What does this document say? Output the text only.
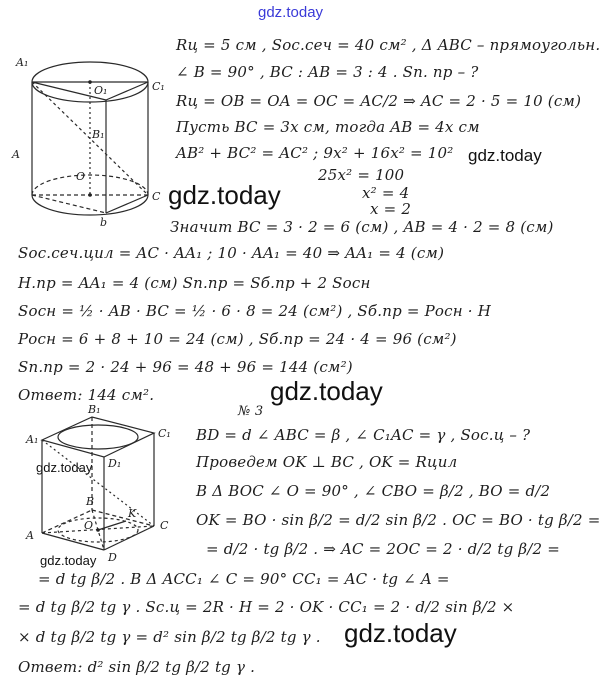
gdz.today
gdz.today
gdz.today
gdz.today
gdz.today
gdz.today
gdz.today
A₁
O₁	C₁
B₁
A
O
C
b
B₁
A₁	C₁
D₁
A
B
C
D
O
K
Rц = 5 см , Sос.сеч = 40 см² , Δ ABC – прямоугольн.
∠ B = 90° , BC : AB = 3 : 4 . Sп. пр – ?
Rц = OB = OA = OC = AC/2 ⇒ AC = 2 · 5 = 10 (см)
Пусть BC = 3x см, тогда AB = 4x см
AB² + BC² = AC² ; 9x² + 16x² = 10²
25x² = 100
x² = 4
x = 2
Значит BC = 3 · 2 = 6 (см) , AB = 4 · 2 = 8 (см)
Sос.сеч.цил = AC · AA₁ ; 10 · AA₁ = 40 ⇒ AA₁ = 4 (см)
H.пр = AA₁ = 4 (см) Sп.пр = Sб.пр + 2 Sосн
Sосн = ½ · AB · BC = ½ · 6 · 8 = 24 (см²) , Sб.пр = Pосн · H
Pосн = 6 + 8 + 10 = 24 (см) , Sб.пр = 24 · 4 = 96 (см²)
Sп.пр = 2 · 24 + 96 = 48 + 96 = 144 (см²)
Ответ: 144 см².
№ 3
BD = d ∠ ABC = β , ∠ C₁AC = γ , Sос.ц – ?
Проведем OK ⊥ BC , OK = Rцил
В Δ BOC ∠ O = 90° , ∠ CBO = β/2 , BO = d/2
OK = BO · sin β/2 = d/2 sin β/2 . OC = BO · tg β/2 =
= d/2 · tg β/2 . ⇒ AC = 2OC = 2 · d/2 tg β/2 =
= d tg β/2 . В Δ ACC₁ ∠ C = 90° CC₁ = AC · tg ∠ A =
= d tg β/2 tg γ . Sс.ц = 2R · H = 2 · OK · CC₁ = 2 · d/2 sin β/2 ×
× d tg β/2 tg γ = d² sin β/2 tg β/2 tg γ .
Ответ: d² sin β/2 tg β/2 tg γ .
